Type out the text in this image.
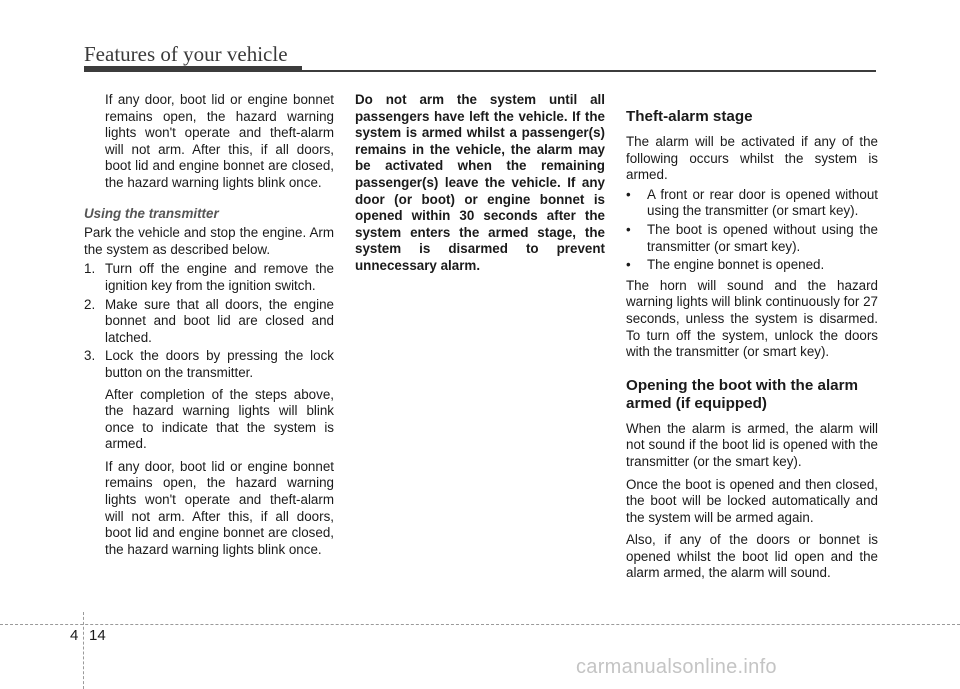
Features of your vehicle

If any door, boot lid or engine bonnet remains open, the hazard warning lights won't operate and theft-alarm will not arm. After this, if all doors, boot lid and engine bonnet are closed, the hazard warning lights blink once.

Using the transmitter

Park the vehicle and stop the engine. Arm the system as described below.

1. Turn off the engine and remove the ignition key from the ignition switch.
2. Make sure that all doors, the engine bonnet and boot lid are closed and latched.
3. Lock the doors by pressing the lock button on the transmitter.

After completion of the steps above, the hazard warning lights will blink once to indicate that the system is armed.

If any door, boot lid or engine bonnet remains open, the hazard warning lights won't operate and theft-alarm will not arm. After this, if all doors, boot lid and engine bonnet are closed, the hazard warning lights blink once.

Do not arm the system until all passengers have left the vehicle. If the system is armed whilst a passenger(s) remains in the vehicle, the alarm may be activated when the remaining passenger(s) leave the vehicle. If any door (or boot) or engine bonnet is opened within 30 seconds after the system enters the armed stage, the system is disarmed to prevent unnecessary alarm.

Theft-alarm stage

The alarm will be activated if any of the following occurs whilst the system is armed.

• A front or rear door is opened without using the transmitter (or smart key).
• The boot is opened without using the transmitter (or smart key).
• The engine bonnet is opened.

The horn will sound and the hazard warning lights will blink continuously for 27 seconds, unless the system is disarmed. To turn off the system, unlock the doors with the transmitter (or smart key).

Opening the boot with the alarm armed (if equipped)

When the alarm is armed, the alarm will not sound if the boot lid is opened with the transmitter (or the smart key).

Once the boot is opened and then closed, the boot will be locked automatically and the system will be armed again.

Also, if any of the doors or bonnet is opened whilst the boot lid open and the alarm armed, the alarm will sound.

4 14
carmanualsonline.info
